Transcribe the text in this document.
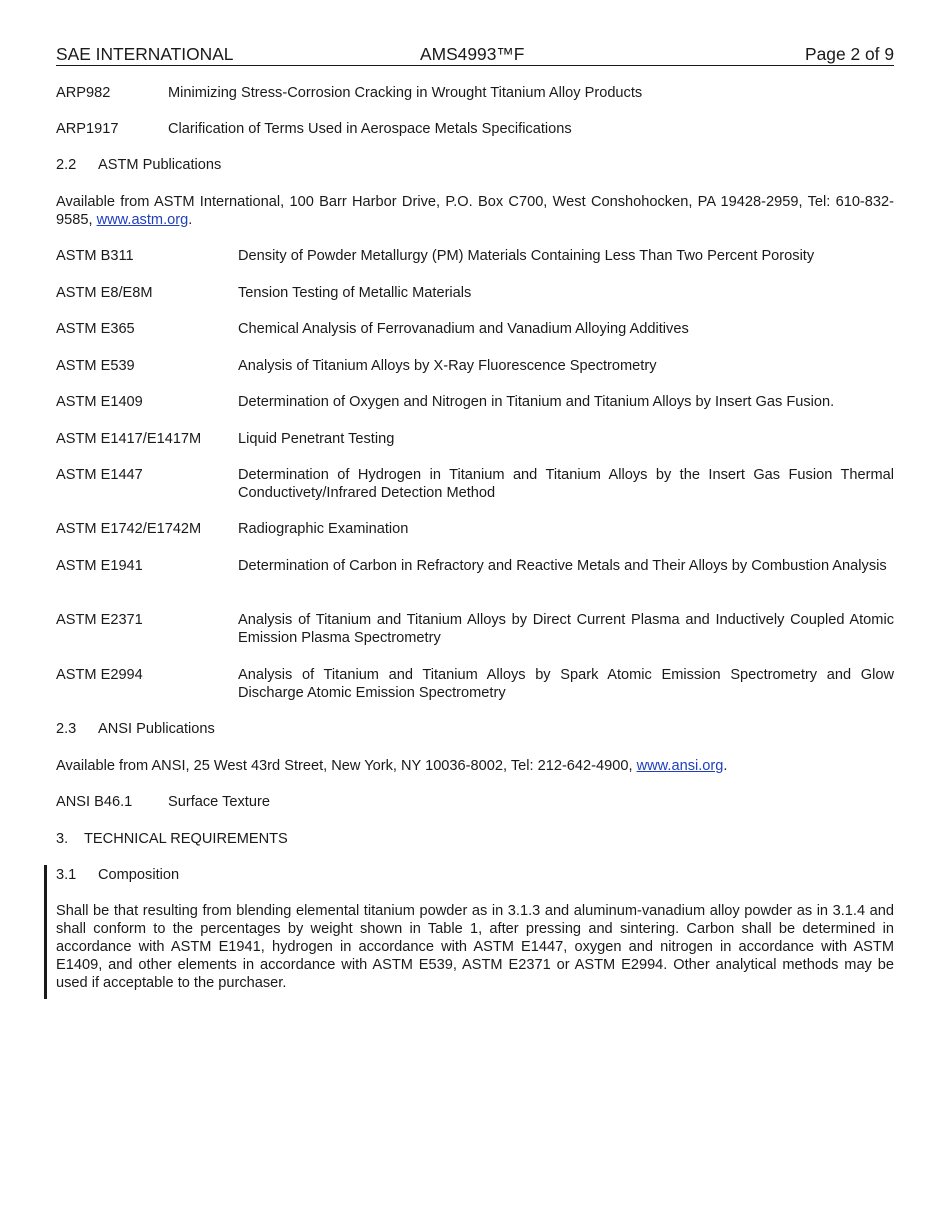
SAE INTERNATIONAL	AMS4993™F	Page 2 of 9
ARP982	Minimizing Stress-Corrosion Cracking in Wrought Titanium Alloy Products
ARP1917	Clarification of Terms Used in Aerospace Metals Specifications
2.2 ASTM Publications
Available from ASTM International, 100 Barr Harbor Drive, P.O. Box C700, West Conshohocken, PA 19428-2959, Tel: 610-832-9585, www.astm.org.
ASTM B311	Density of Powder Metallurgy (PM) Materials Containing Less Than Two Percent Porosity
ASTM E8/E8M	Tension Testing of Metallic Materials
ASTM E365	Chemical Analysis of Ferrovanadium and Vanadium Alloying Additives
ASTM E539	Analysis of Titanium Alloys by X-Ray Fluorescence Spectrometry
ASTM E1409	Determination of Oxygen and Nitrogen in Titanium and Titanium Alloys by Insert Gas Fusion.
ASTM E1417/E1417M	Liquid Penetrant Testing
ASTM E1447	Determination of Hydrogen in Titanium and Titanium Alloys by the Insert Gas Fusion Thermal Conductivety/Infrared Detection Method
ASTM E1742/E1742M	Radiographic Examination
ASTM E1941	Determination of Carbon in Refractory and Reactive Metals and Their Alloys by Combustion Analysis
ASTM E2371	Analysis of Titanium and Titanium Alloys by Direct Current Plasma and Inductively Coupled Atomic Emission Plasma Spectrometry
ASTM E2994	Analysis of Titanium and Titanium Alloys by Spark Atomic Emission Spectrometry and Glow Discharge Atomic Emission Spectrometry
2.3 ANSI Publications
Available from ANSI, 25 West 43rd Street, New York, NY 10036-8002, Tel: 212-642-4900, www.ansi.org.
ANSI B46.1 Surface Texture
3. TECHNICAL REQUIREMENTS
3.1 Composition
Shall be that resulting from blending elemental titanium powder as in 3.1.3 and aluminum-vanadium alloy powder as in 3.1.4 and shall conform to the percentages by weight shown in Table 1, after pressing and sintering. Carbon shall be determined in accordance with ASTM E1941, hydrogen in accordance with ASTM E1447, oxygen and nitrogen in accordance with ASTM E1409, and other elements in accordance with ASTM E539, ASTM E2371 or ASTM E2994. Other analytical methods may be used if acceptable to the purchaser.
